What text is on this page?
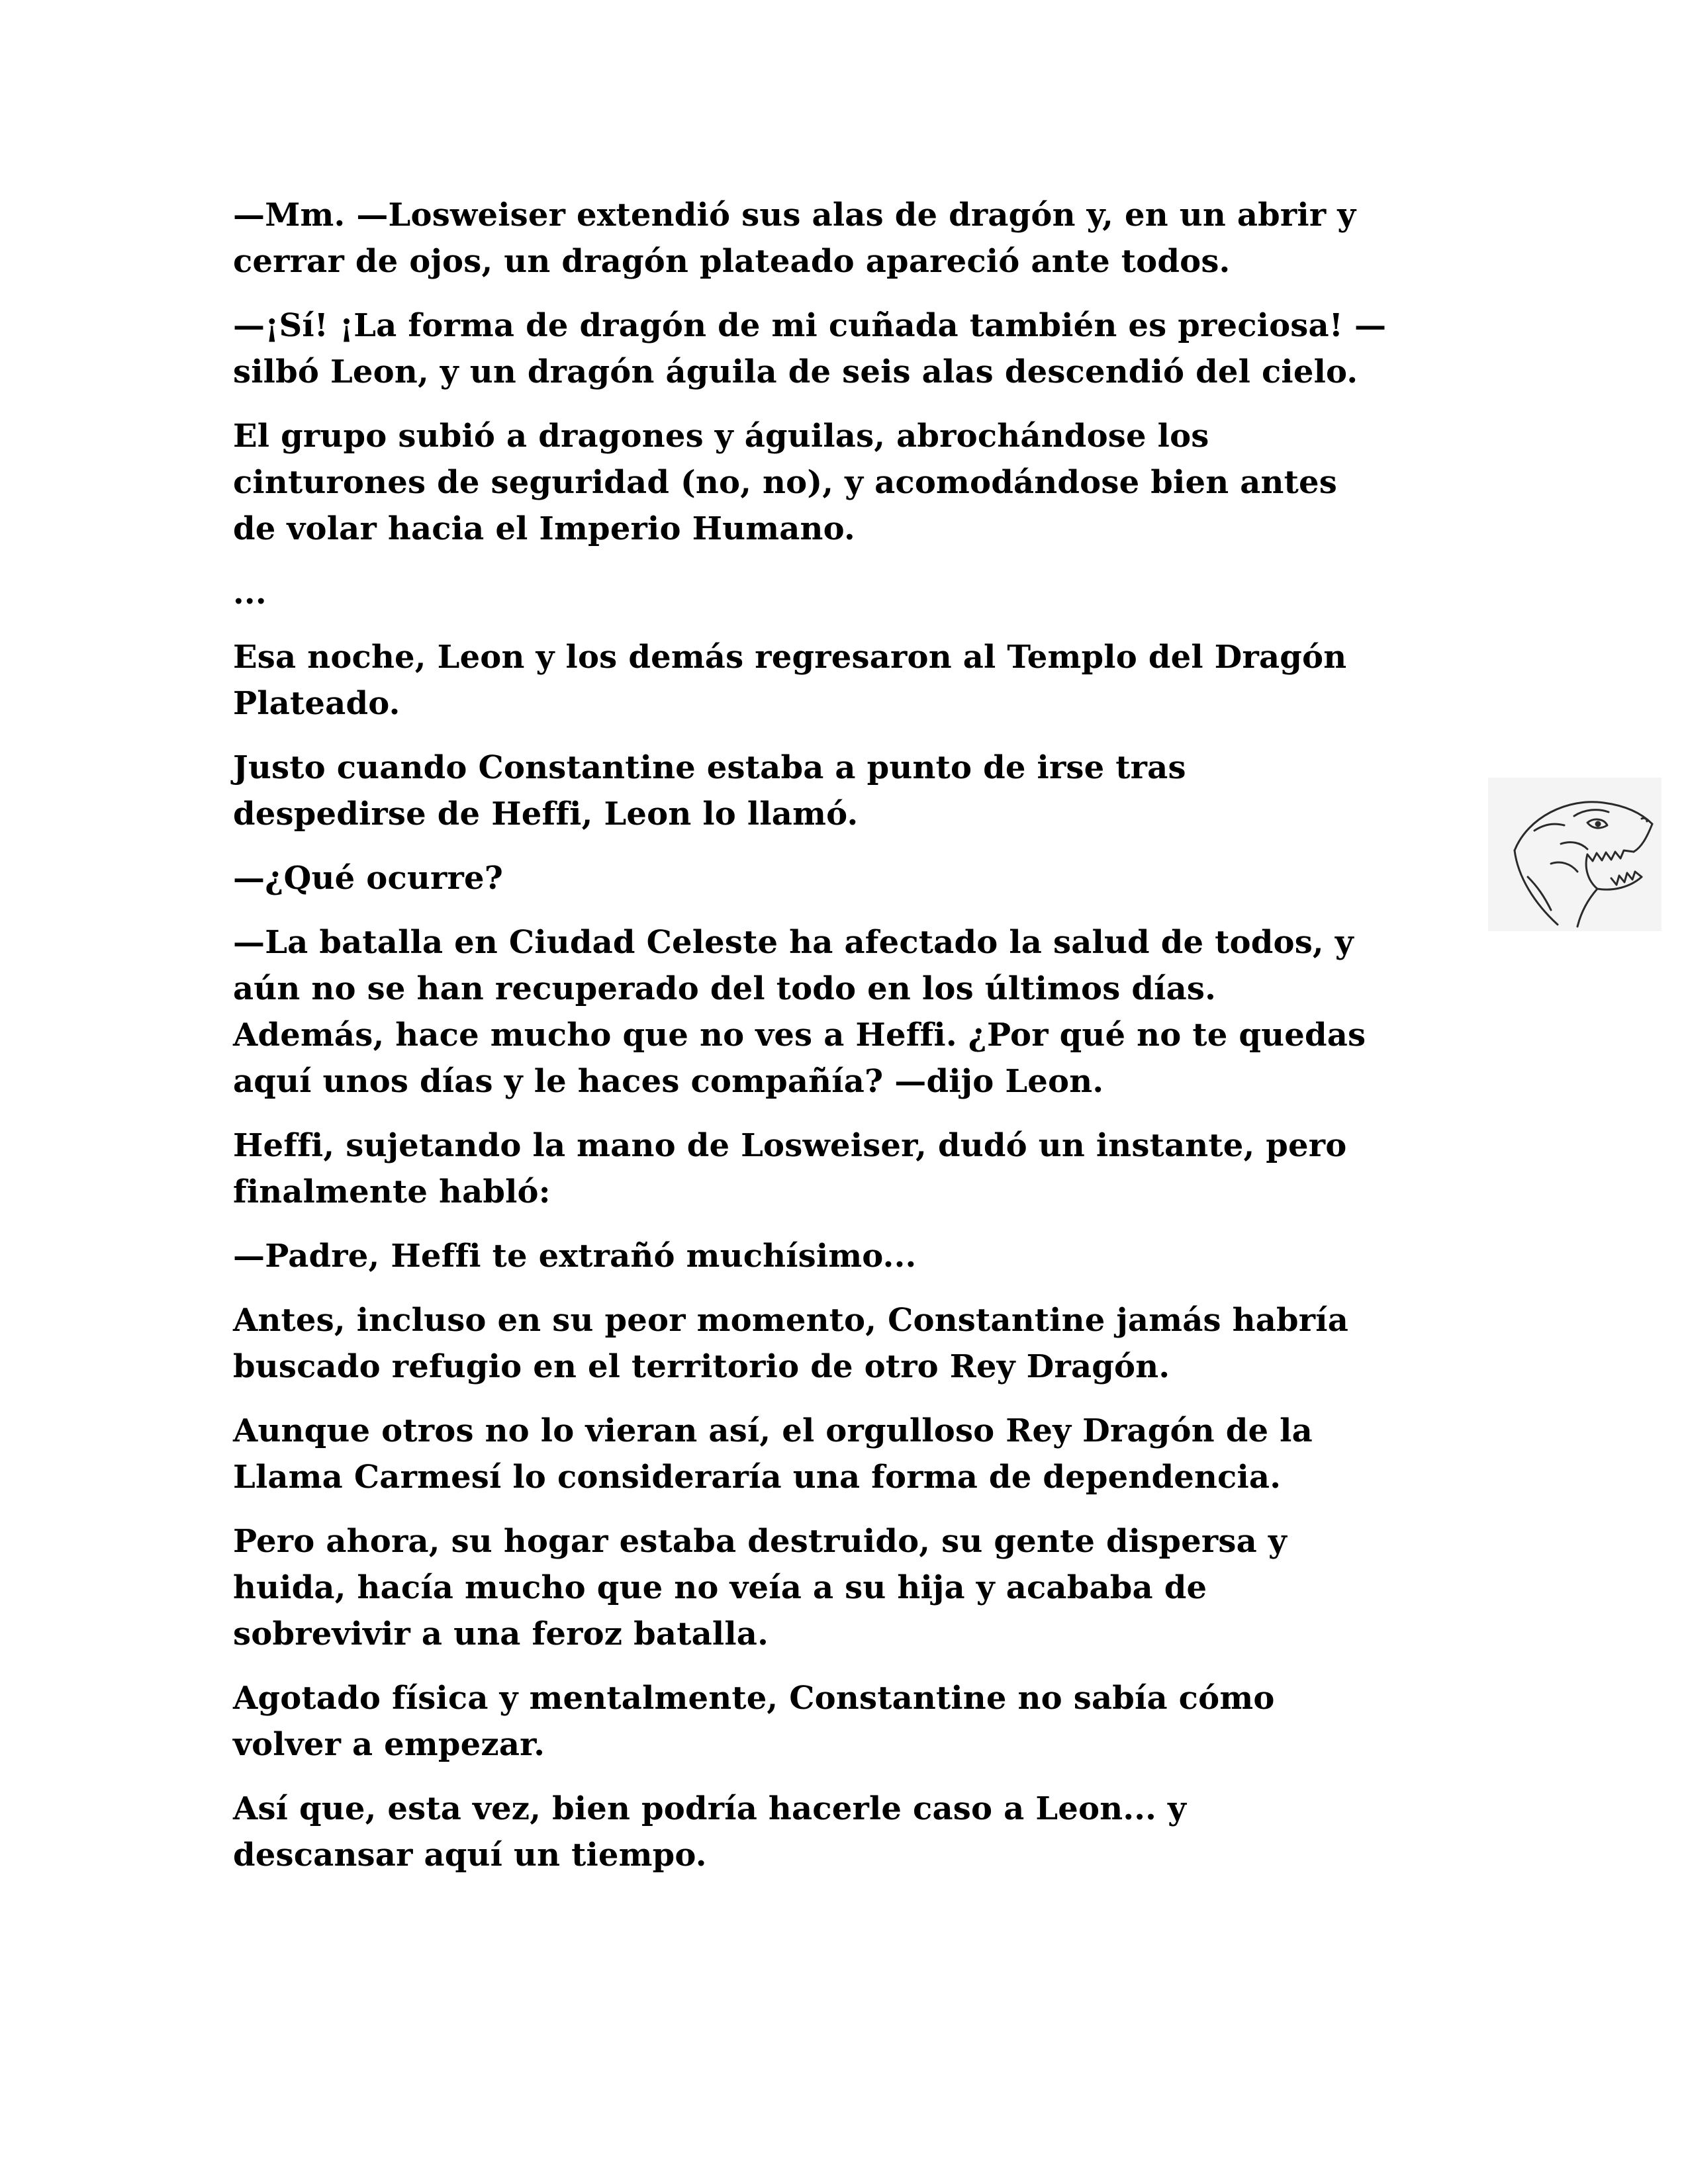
—Mm. —Losweiser extendió sus alas de dragón y, en un abrir y
cerrar de ojos, un dragón plateado apareció ante todos.

—¡Sí! ¡La forma de dragón de mi cuñada también es preciosa! —
silbó Leon, y un dragón águila de seis alas descendió del cielo.

El grupo subió a dragones y águilas, abrochándose los
cinturones de seguridad (no, no), y acomodándose bien antes
de volar hacia el Imperio Humano.

...

Esa noche, Leon y los demás regresaron al Templo del Dragón
Plateado.

Justo cuando Constantine estaba a punto de irse tras
despedirse de Heffi, Leon lo llamó.

—¿Qué ocurre?

—La batalla en Ciudad Celeste ha afectado la salud de todos, y
aún no se han recuperado del todo en los últimos días.
Además, hace mucho que no ves a Heffi. ¿Por qué no te quedas
aquí unos días y le haces compañía? —dijo Leon.

Heffi, sujetando la mano de Losweiser, dudó un instante, pero
finalmente habló:

—Padre, Heffi te extrañó muchísimo...

Antes, incluso en su peor momento, Constantine jamás habría
buscado refugio en el territorio de otro Rey Dragón.

Aunque otros no lo vieran así, el orgulloso Rey Dragón de la
Llama Carmesí lo consideraría una forma de dependencia.

Pero ahora, su hogar estaba destruido, su gente dispersa y
huida, hacía mucho que no veía a su hija y acababa de
sobrevivir a una feroz batalla.

Agotado física y mentalmente, Constantine no sabía cómo
volver a empezar.

Así que, esta vez, bien podría hacerle caso a Leon... y
descansar aquí un tiempo.
